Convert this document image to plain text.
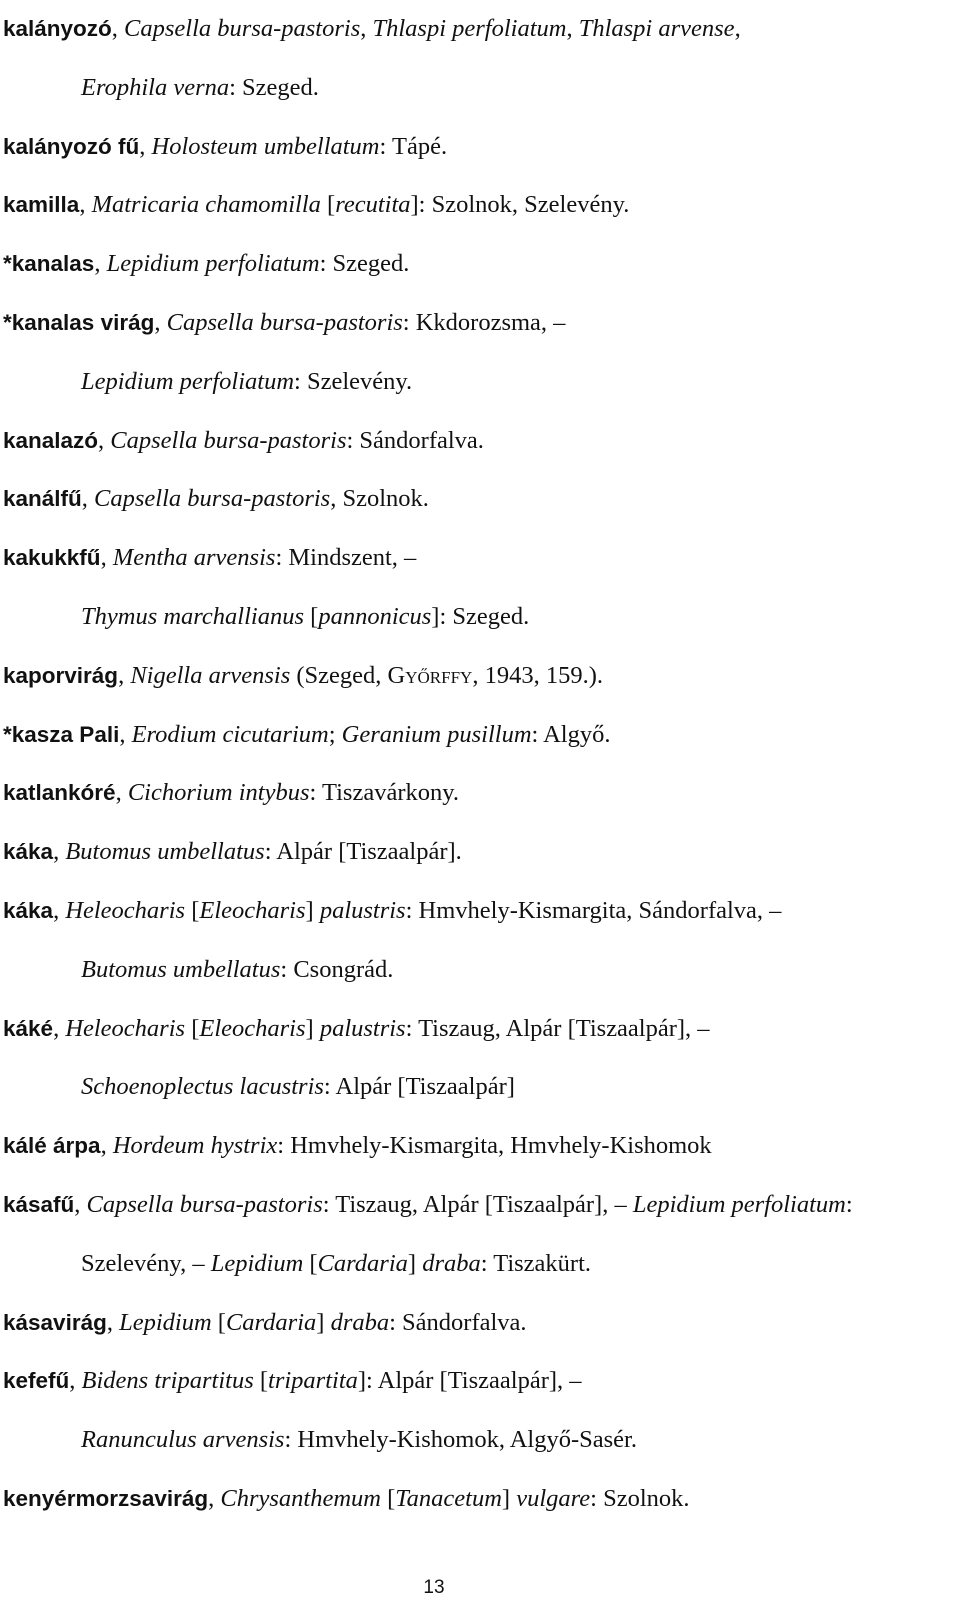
kalányozó, Capsella bursa-pastoris, Thlaspi perfoliatum, Thlaspi arvense,
Erophila verna: Szeged.
kalányozó fű, Holosteum umbellatum: Tápé.
kamilla, Matricaria chamomilla [recutita]: Szolnok, Szelevény.
*kanalas, Lepidium perfoliatum: Szeged.
*kanalas virág, Capsella bursa-pastoris: Kkdorozsma, –
Lepidium perfoliatum: Szelevény.
kanalazó, Capsella bursa-pastoris: Sándorfalva.
kanálfű, Capsella bursa-pastoris, Szolnok.
kakukkfű, Mentha arvensis: Mindszent, –
Thymus marchallianus [pannonicus]: Szeged.
kaporvirág, Nigella arvensis (Szeged, Győrffy, 1943, 159.).
*kasza Pali, Erodium cicutarium; Geranium pusillum: Algyő.
katlankóré, Cichorium intybus: Tiszavárkony.
káka, Butomus umbellatus: Alpár [Tiszaalpár].
káka, Heleocharis [Eleocharis] palustris: Hmvhely-Kismargita, Sándorfalva, –
Butomus umbellatus: Csongrád.
káké, Heleocharis [Eleocharis] palustris: Tiszaug, Alpár [Tiszaalpár], –
Schoenoplectus lacustris: Alpár [Tiszaalpár]
kálé árpa, Hordeum hystrix: Hmvhely-Kismargita, Hmvhely-Kishomok
kásafű, Capsella bursa-pastoris: Tiszaug, Alpár [Tiszaalpár], – Lepidium perfoliatum:
Szelevény, – Lepidium [Cardaria] draba: Tiszakürt.
kásavirág, Lepidium [Cardaria] draba: Sándorfalva.
kefefű, Bidens tripartitus [tripartita]: Alpár [Tiszaalpár], –
Ranunculus arvensis: Hmvhely-Kishomok, Algyő-Sasér.
kenyérmorzsavirág, Chrysanthemum [Tanacetum] vulgare: Szolnok.
13
